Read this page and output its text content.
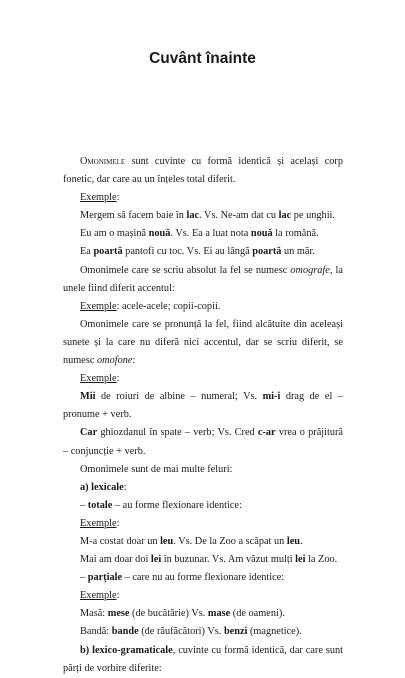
Cuvânt înainte

Omonimele sunt cuvinte cu formă identică și același corp fonetic, dar care au un înțeles total diferit.

Exemple:

Mergem să facem baie în lac. Vs. Ne-am dat cu lac pe unghii.

Eu am o mașină nouă. Vs. Ea a luat nota nouă la română.

Ea poartă pantofi cu toc. Vs. Ei au lângă poartă un măr.

Omonimele care se scriu absolut la fel se numesc omografe, la unele fiind diferit accentul:

Exemple: acele-acele; copii-copii.

Omonimele care se pronunță la fel, fiind alcătuite din aceleași sunete și la care nu diferă nici accentul, dar se scriu diferit, se numesc omofone:

Exemple:

Mii de roiuri de albine – numeral; Vs. mi-i drag de el – pronume + verb.

Car ghiozdanul în spate – verb; Vs. Cred c-ar vrea o prăjitură – conjuncție + verb.

Omonimele sunt de mai multe feluri:

a) lexicale:

– totale – au forme flexionare identice:

Exemple:

M-a costat doar un leu. Vs. De la Zoo a scăpat un leu.

Mai am doar doi lei în buzunar. Vs. Am văzut mulți lei la Zoo.

– parțiale – care nu au forme flexionare identice:

Exemple:

Masă: mese (de bucătărie) Vs. mase (de oameni).

Bandă: bande (de răufăcători) Vs. benzi (magnetice).

b) lexico-gramaticale, cuvinte cu formă identică, dar care sunt părți de vorbire diferite:
